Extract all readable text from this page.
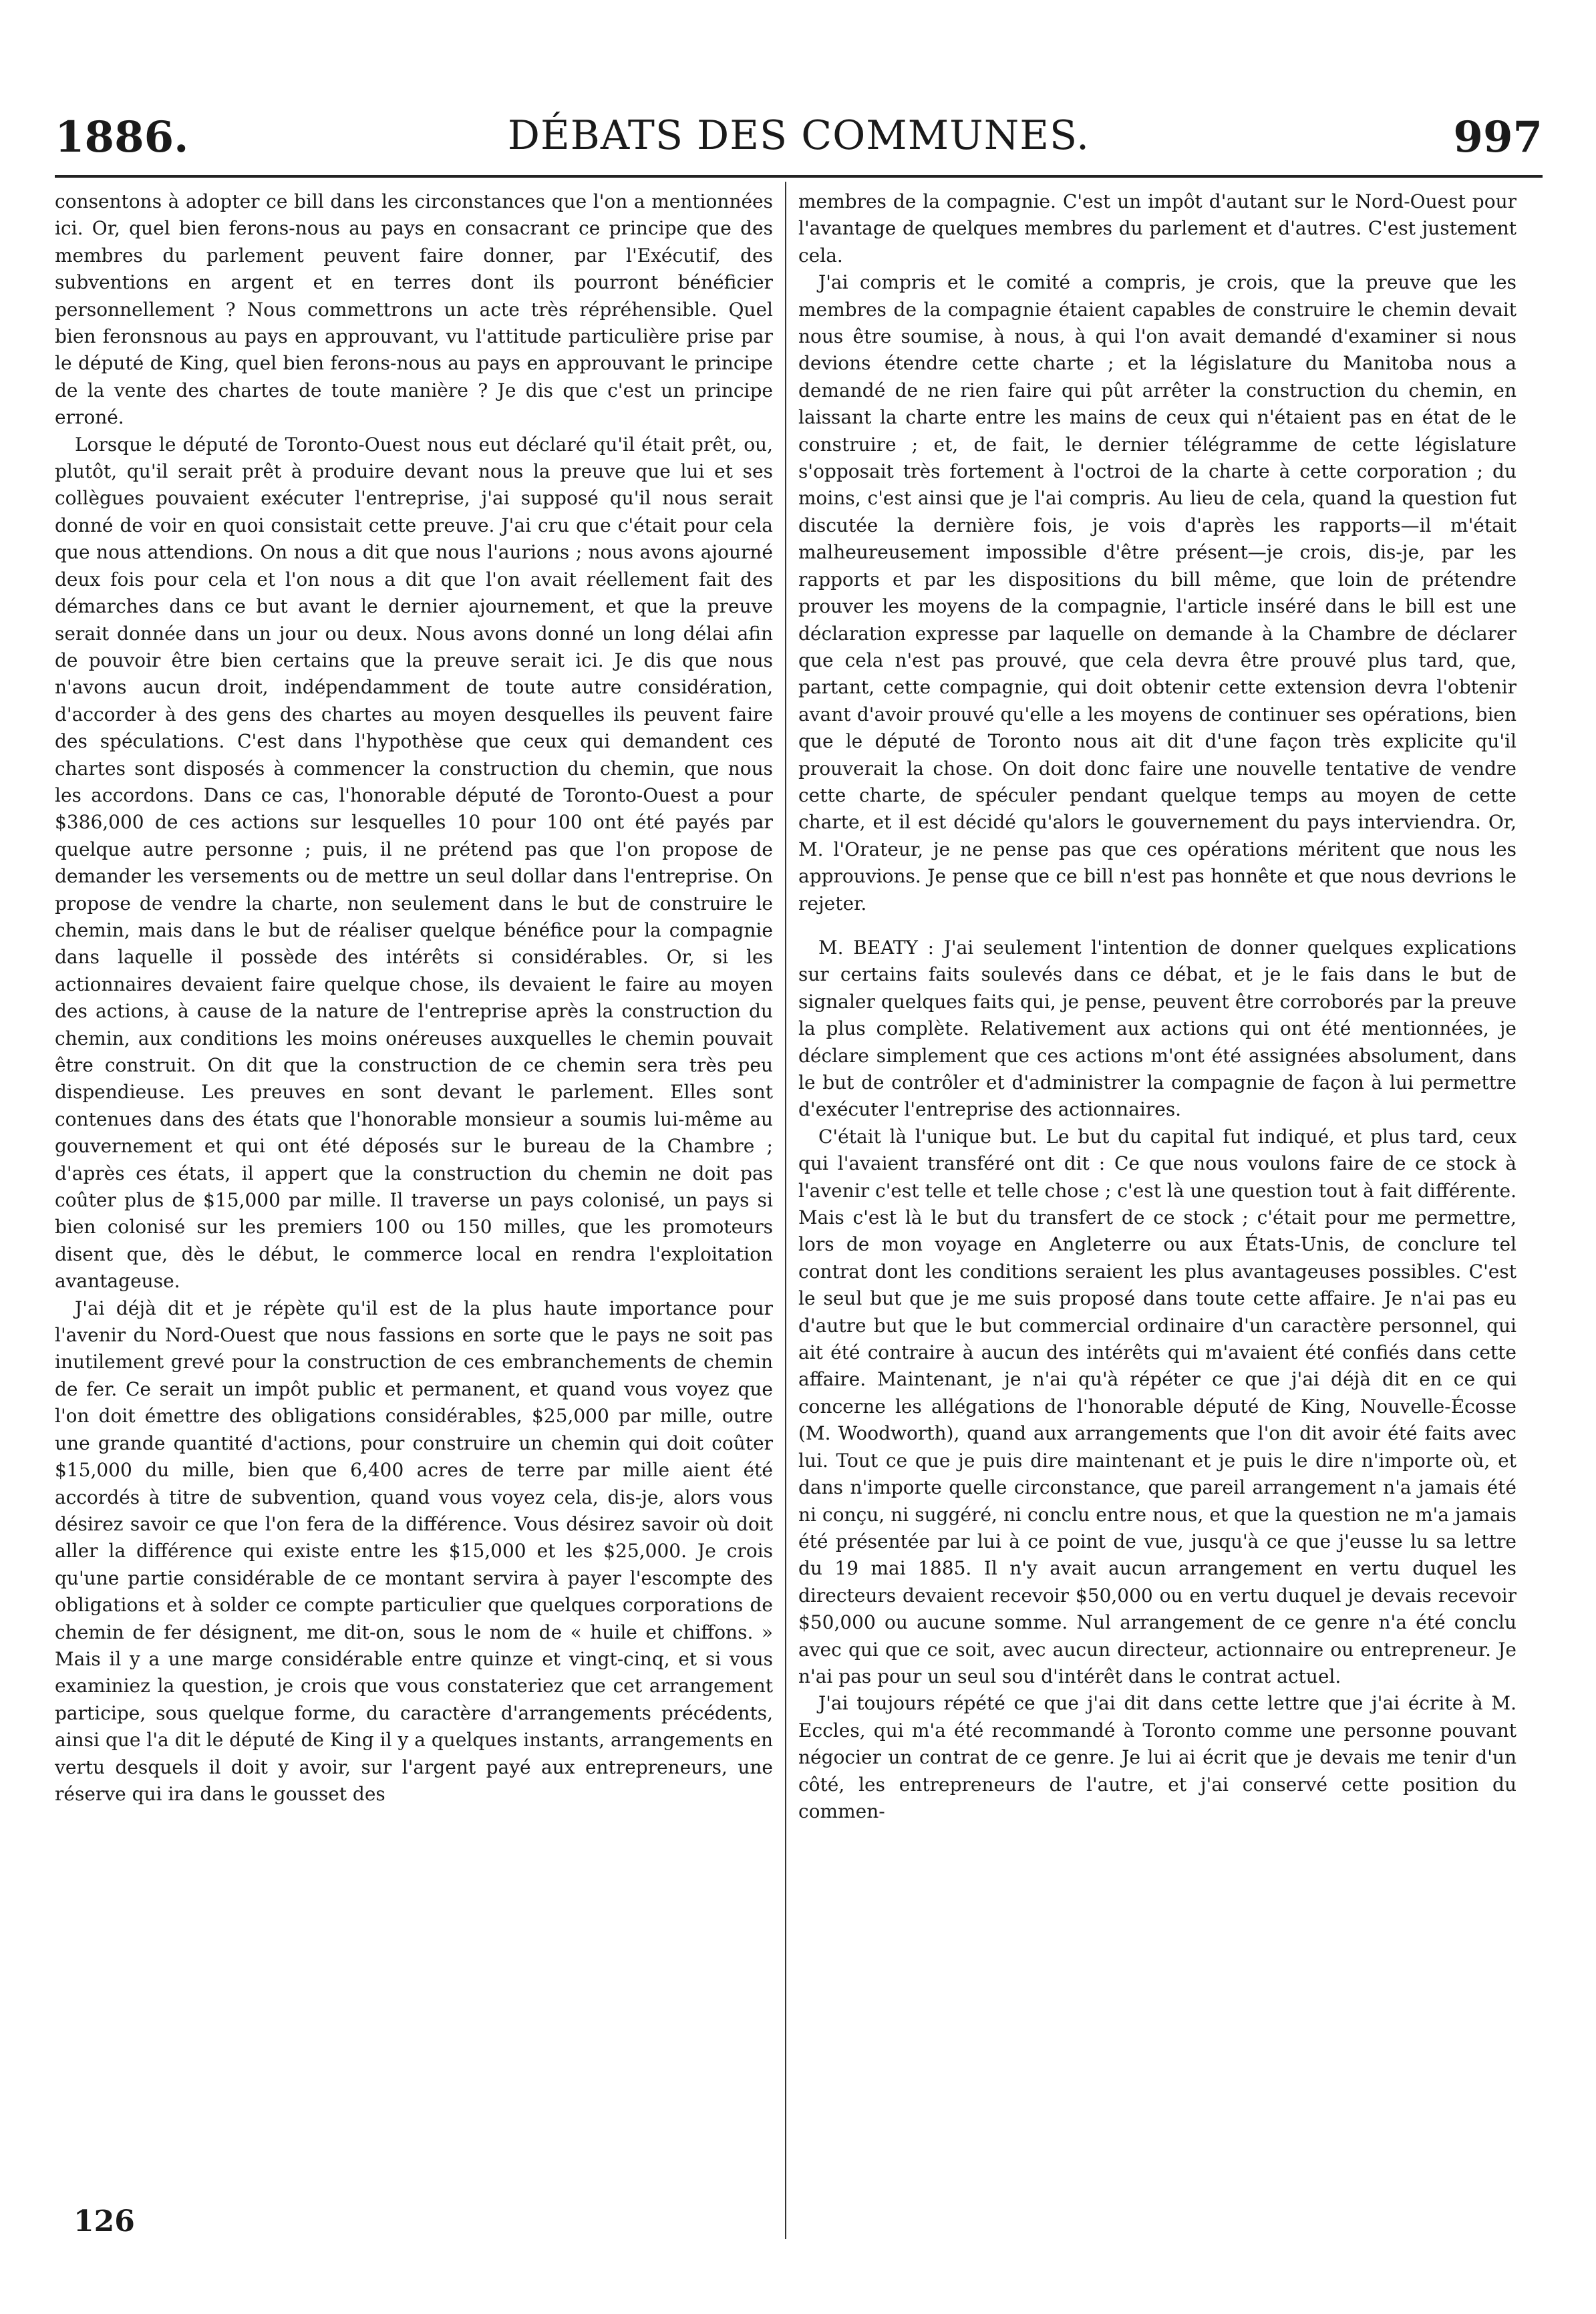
1886.	DÉBATS DES COMMUNES.	997

consentons à adopter ce bill dans les circonstances que l'on a mentionnées ici. Or, quel bien ferons-nous au pays en consacrant ce principe que des membres du parlement peuvent faire donner, par l'Exécutif, des subventions en argent et en terres dont ils pourront bénéficier personnellement ? Nous commettrons un acte très répréhensible. Quel bien feronsnous au pays en approuvant, vu l'attitude particulière prise par le député de King, quel bien ferons-nous au pays en approuvant le principe de la vente des chartes de toute manière ? Je dis que c'est un principe erroné.

Lorsque le député de Toronto-Ouest nous eut déclaré qu'il était prêt, ou, plutôt, qu'il serait prêt à produire devant nous la preuve que lui et ses collègues pouvaient exécuter l'entreprise, j'ai supposé qu'il nous serait donné de voir en quoi consistait cette preuve. J'ai cru que c'était pour cela que nous attendions. On nous a dit que nous l'aurions ; nous avons ajourné deux fois pour cela et l'on nous a dit que l'on avait réellement fait des démarches dans ce but avant le dernier ajournement, et que la preuve serait donnée dans un jour ou deux. Nous avons donné un long délai afin de pouvoir être bien certains que la preuve serait ici. Je dis que nous n'avons aucun droit, indépendamment de toute autre considération, d'accorder à des gens des chartes au moyen desquelles ils peuvent faire des spéculations. C'est dans l'hypothèse que ceux qui demandent ces chartes sont disposés à commencer la construction du chemin, que nous les accordons. Dans ce cas, l'honorable député de Toronto-Ouest a pour $386,000 de ces actions sur lesquelles 10 pour 100 ont été payés par quelque autre personne ; puis, il ne prétend pas que l'on propose de demander les versements ou de mettre un seul dollar dans l'entreprise. On propose de vendre la charte, non seulement dans le but de construire le chemin, mais dans le but de réaliser quelque bénéfice pour la compagnie dans laquelle il possède des intérêts si considérables. Or, si les actionnaires devaient faire quelque chose, ils devaient le faire au moyen des actions, à cause de la nature de l'entreprise après la construction du chemin, aux conditions les moins onéreuses auxquelles le chemin pouvait être construit. On dit que la construction de ce chemin sera très peu dispendieuse. Les preuves en sont devant le parlement. Elles sont contenues dans des états que l'honorable monsieur a soumis lui-même au gouvernement et qui ont été déposés sur le bureau de la Chambre ; d'après ces états, il appert que la construction du chemin ne doit pas coûter plus de $15,000 par mille. Il traverse un pays colonisé, un pays si bien colonisé sur les premiers 100 ou 150 milles, que les promoteurs disent que, dès le début, le commerce local en rendra l'exploitation avantageuse.

J'ai déjà dit et je répète qu'il est de la plus haute importance pour l'avenir du Nord-Ouest que nous fassions en sorte que le pays ne soit pas inutilement grevé pour la construction de ces embranchements de chemin de fer. Ce serait un impôt public et permanent, et quand vous voyez que l'on doit émettre des obligations considérables, $25,000 par mille, outre une grande quantité d'actions, pour construire un chemin qui doit coûter $15,000 du mille, bien que 6,400 acres de terre par mille aient été accordés à titre de subvention, quand vous voyez cela, dis-je, alors vous désirez savoir ce que l'on fera de la différence. Vous désirez savoir où doit aller la différence qui existe entre les $15,000 et les $25,000. Je crois qu'une partie considérable de ce montant servira à payer l'escompte des obligations et à solder ce compte particulier que quelques corporations de chemin de fer désignent, me dit-on, sous le nom de « huile et chiffons. » Mais il y a une marge considérable entre quinze et vingt-cinq, et si vous examiniez la question, je crois que vous constateriez que cet arrangement participe, sous quelque forme, du caractère d'arrangements précédents, ainsi que l'a dit le député de King il y a quelques instants, arrangements en vertu desquels il doit y avoir, sur l'argent payé aux entrepreneurs, une réserve qui ira dans le gousset des

membres de la compagnie. C'est un impôt d'autant sur le Nord-Ouest pour l'avantage de quelques membres du parlement et d'autres. C'est justement cela.

J'ai compris et le comité a compris, je crois, que la preuve que les membres de la compagnie étaient capables de construire le chemin devait nous être soumise, à nous, à qui l'on avait demandé d'examiner si nous devions étendre cette charte ; et la législature du Manitoba nous a demandé de ne rien faire qui pût arrêter la construction du chemin, en laissant la charte entre les mains de ceux qui n'étaient pas en état de le construire ; et, de fait, le dernier télégramme de cette législature s'opposait très fortement à l'octroi de la charte à cette corporation ; du moins, c'est ainsi que je l'ai compris. Au lieu de cela, quand la question fut discutée la dernière fois, je vois d'après les rapports—il m'était malheureusement impossible d'être présent—je crois, dis-je, par les rapports et par les dispositions du bill même, que loin de prétendre prouver les moyens de la compagnie, l'article inséré dans le bill est une déclaration expresse par laquelle on demande à la Chambre de déclarer que cela n'est pas prouvé, que cela devra être prouvé plus tard, que, partant, cette compagnie, qui doit obtenir cette extension devra l'obtenir avant d'avoir prouvé qu'elle a les moyens de continuer ses opérations, bien que le député de Toronto nous ait dit d'une façon très explicite qu'il prouverait la chose. On doit donc faire une nouvelle tentative de vendre cette charte, de spéculer pendant quelque temps au moyen de cette charte, et il est décidé qu'alors le gouvernement du pays interviendra. Or, M. l'Orateur, je ne pense pas que ces opérations méritent que nous les approuvions. Je pense que ce bill n'est pas honnête et que nous devrions le rejeter.

M. BEATY : J'ai seulement l'intention de donner quelques explications sur certains faits soulevés dans ce débat, et je le fais dans le but de signaler quelques faits qui, je pense, peuvent être corroborés par la preuve la plus complète. Relativement aux actions qui ont été mentionnées, je déclare simplement que ces actions m'ont été assignées absolument, dans le but de contrôler et d'administrer la compagnie de façon à lui permettre d'exécuter l'entreprise des actionnaires.

C'était là l'unique but. Le but du capital fut indiqué, et plus tard, ceux qui l'avaient transféré ont dit : Ce que nous voulons faire de ce stock à l'avenir c'est telle et telle chose ; c'est là une question tout à fait différente. Mais c'est là le but du transfert de ce stock ; c'était pour me permettre, lors de mon voyage en Angleterre ou aux États-Unis, de conclure tel contrat dont les conditions seraient les plus avantageuses possibles. C'est le seul but que je me suis proposé dans toute cette affaire. Je n'ai pas eu d'autre but que le but commercial ordinaire d'un caractère personnel, qui ait été contraire à aucun des intérêts qui m'avaient été confiés dans cette affaire. Maintenant, je n'ai qu'à répéter ce que j'ai déjà dit en ce qui concerne les allégations de l'honorable député de King, Nouvelle-Écosse (M. Woodworth), quand aux arrangements que l'on dit avoir été faits avec lui. Tout ce que je puis dire maintenant et je puis le dire n'importe où, et dans n'importe quelle circonstance, que pareil arrangement n'a jamais été ni conçu, ni suggéré, ni conclu entre nous, et que la question ne m'a jamais été présentée par lui à ce point de vue, jusqu'à ce que j'eusse lu sa lettre du 19 mai 1885. Il n'y avait aucun arrangement en vertu duquel les directeurs devaient recevoir $50,000 ou en vertu duquel je devais recevoir $50,000 ou aucune somme. Nul arrangement de ce genre n'a été conclu avec qui que ce soit, avec aucun directeur, actionnaire ou entrepreneur. Je n'ai pas pour un seul sou d'intérêt dans le contrat actuel.

J'ai toujours répété ce que j'ai dit dans cette lettre que j'ai écrite à M. Eccles, qui m'a été recommandé à Toronto comme une personne pouvant négocier un contrat de ce genre. Je lui ai écrit que je devais me tenir d'un côté, les entrepreneurs de l'autre, et j'ai conservé cette position du commen-

126
